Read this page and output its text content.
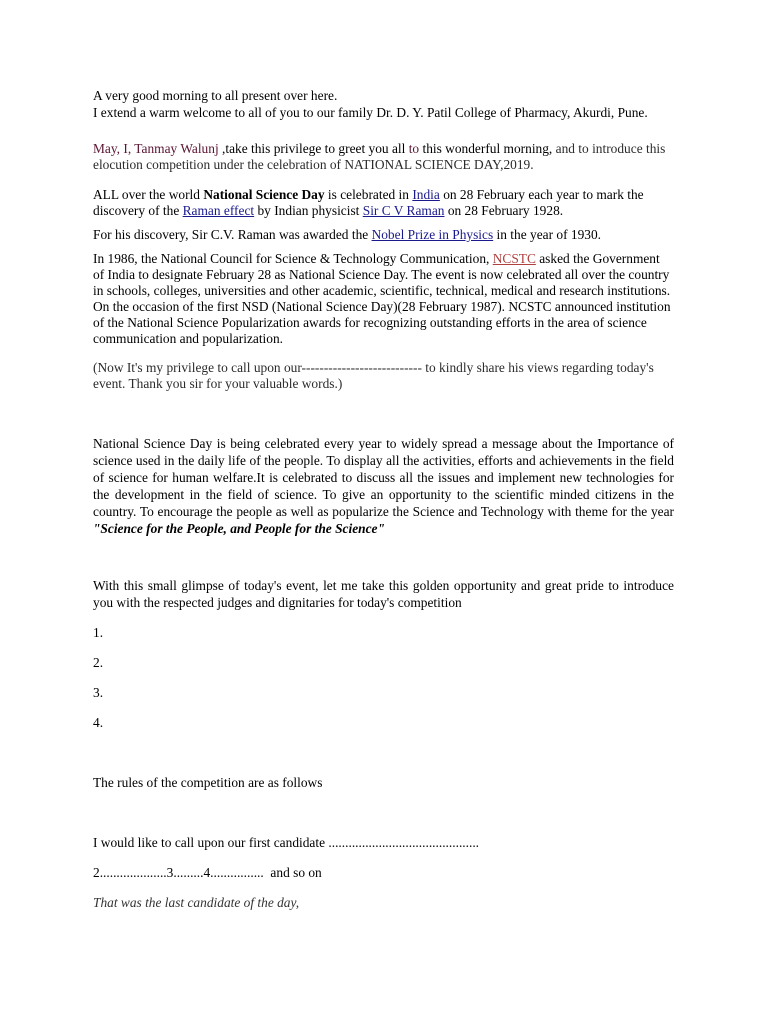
A very good morning to all present over here.

I extend a warm welcome to all of you to our family Dr. D. Y. Patil College of Pharmacy, Akurdi, Pune.

May, I, Tanmay Walunj ,take this privilege to greet you all to this wonderful morning, and to introduce this elocution competition under the celebration of NATIONAL SCIENCE DAY,2019.

ALL over the world National Science Day is celebrated in India on 28 February each year to mark the discovery of the Raman effect by Indian physicist Sir C V Raman on 28 February 1928.

For his discovery, Sir C.V. Raman was awarded the Nobel Prize in Physics in the year of 1930.

In 1986, the National Council for Science & Technology Communication, NCSTC asked the Government of India to designate February 28 as National Science Day. The event is now celebrated all over the country in schools, colleges, universities and other academic, scientific, technical, medical and research institutions. On the occasion of the first NSD (National Science Day)(28 February 1987). NCSTC announced institution of the National Science Popularization awards for recognizing outstanding efforts in the area of science communication and popularization.

(Now It's my privilege to call upon our--------------------------- to kindly share his views regarding today's event. Thank you sir for your valuable words.)

National Science Day is being celebrated every year to widely spread a message about the Importance of science used in the daily life of the people. To display all the activities, efforts and achievements in the field of science for human welfare.It is celebrated to discuss all the issues and implement new technologies for the development in the field of science. To give an opportunity to the scientific minded citizens in the country. To encourage the people as well as popularize the Science and Technology with theme for the year "Science for the People, and People for the Science"

With this small glimpse of today's event, let me take this golden opportunity and great pride to introduce you with the respected judges and dignitaries for today's competition

1.

2.

3.

4.

The rules of the competition are as follows

I would like to call upon our first candidate .............................................

2....................3.........4................  and so on

That was the last candidate of the day,
